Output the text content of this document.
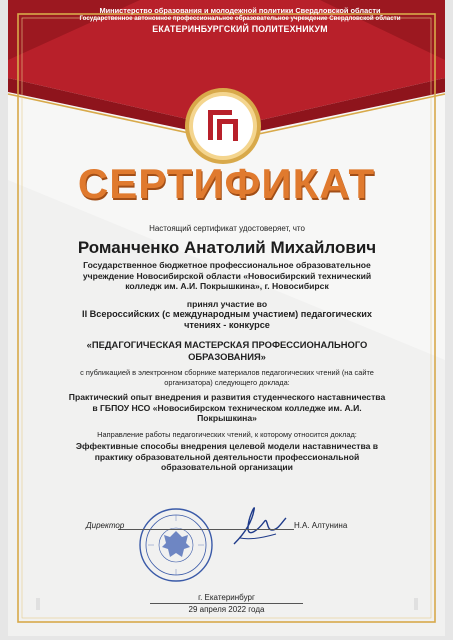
Министерство образования и молодежной политики Свердловской области
Государственное автономное профессиональное образовательное учреждение Свердловской области
ЕКАТЕРИНБУРГСКИЙ ПОЛИТЕХНИКУМ
СЕРТИФИКАТ
Настоящий сертификат удостоверяет, что
Романченко Анатолий Михайлович
Государственное бюджетное профессиональное образовательное учреждение Новосибирской области «Новосибирский технический колледж им. А.И. Покрышкина», г. Новосибирск
принял участие во
II Всероссийских (с международным участием) педагогических чтениях - конкурсе
«ПЕДАГОГИЧЕСКАЯ МАСТЕРСКАЯ ПРОФЕССИОНАЛЬНОГО ОБРАЗОВАНИЯ»
с публикацией в электронном сборнике материалов педагогических чтений (на сайте организатора) следующего доклада:
Практический опыт внедрения и развития студенческого наставничества в ГБПОУ НСО «Новосибирском техническом колледже им. А.И. Покрышкина»
Направление работы педагогических чтений, к которому относится доклад:
Эффективные способы внедрения целевой модели наставничества в практику образовательной деятельности профессиональной образовательной организации
Директор	Н.А. Алтунина
г. Екатеринбург
29 апреля 2022 года
